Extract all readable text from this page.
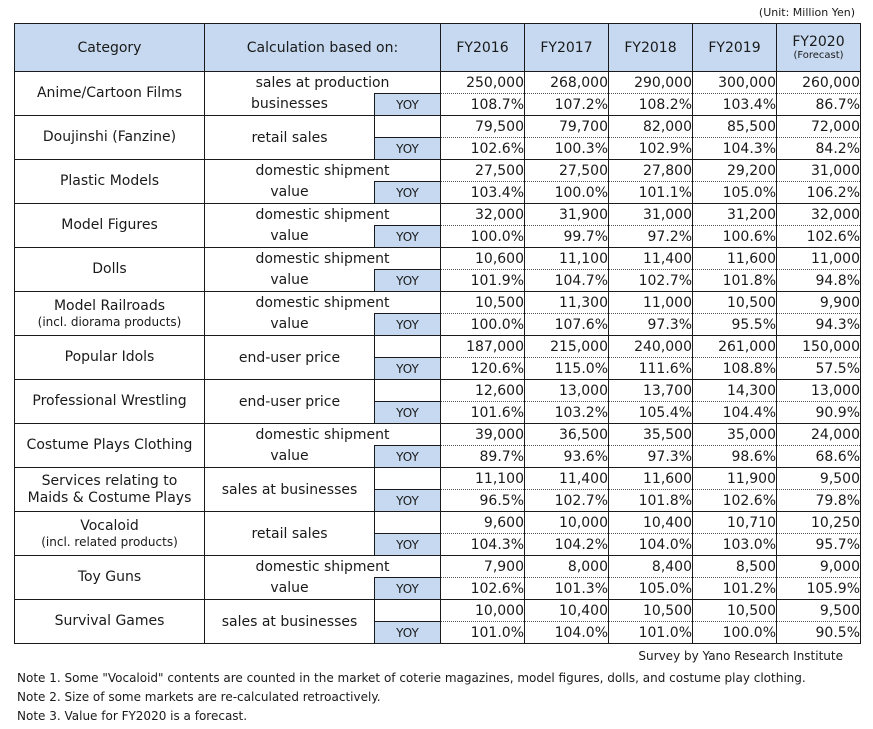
(Unit: Million Yen)
Category	Calculation based on:		FY2016	FY2017	FY2018	FY2019	FY2020
(Forecast)

Anime/Cartoon Films	sales at production		250,000	268,000	290,000	300,000	260,000
	businesses	YOY	108.7%	107.2%	108.2%	103.4%	86.7%
Doujinshi (Fanzine)	retail sales		79,500	79,700	82,000	85,500	72,000
		YOY	102.6%	100.3%	102.9%	104.3%	84.2%
Plastic Models	domestic shipment		27,500	27,500	27,800	29,200	31,000
	value	YOY	103.4%	100.0%	101.1%	105.0%	106.2%
Model Figures	domestic shipment		32,000	31,900	31,000	31,200	32,000
	value	YOY	100.0%	99.7%	97.2%	100.6%	102.6%
Dolls	domestic shipment		10,600	11,100	11,400	11,600	11,000
	value	YOY	101.9%	104.7%	102.7%	101.8%	94.8%
Model Railroads
(incl. diorama products)	domestic shipment		10,500	11,300	11,000	10,500	9,900
	value	YOY	100.0%	107.6%	97.3%	95.5%	94.3%
Popular Idols	end-user price		187,000	215,000	240,000	261,000	150,000
		YOY	120.6%	115.0%	111.6%	108.8%	57.5%
Professional Wrestling	end-user price		12,600	13,000	13,700	14,300	13,000
		YOY	101.6%	103.2%	105.4%	104.4%	90.9%
Costume Plays Clothing	domestic shipment		39,000	36,500	35,500	35,000	24,000
	value	YOY	89.7%	93.6%	97.3%	98.6%	68.6%
Services relating to
Maids & Costume Plays	sales at businesses		11,100	11,400	11,600	11,900	9,500
		YOY	96.5%	102.7%	101.8%	102.6%	79.8%
Vocaloid
(incl. related products)	retail sales		9,600	10,000	10,400	10,710	10,250
		YOY	104.3%	104.2%	104.0%	103.0%	95.7%
Toy Guns	domestic shipment		7,900	8,000	8,400	8,500	9,000
	value	YOY	102.6%	101.3%	105.0%	101.2%	105.9%
Survival Games	sales at businesses		10,000	10,400	10,500	10,500	9,500
		YOY	101.0%	104.0%	101.0%	100.0%	90.5%
Survey by Yano Research Institute
Note 1. Some "Vocaloid" contents are counted in the market of coterie magazines, model figures, dolls, and costume play clothing.
Note 2. Size of some markets are re-calculated retroactively.
Note 3. Value for FY2020 is a forecast.
